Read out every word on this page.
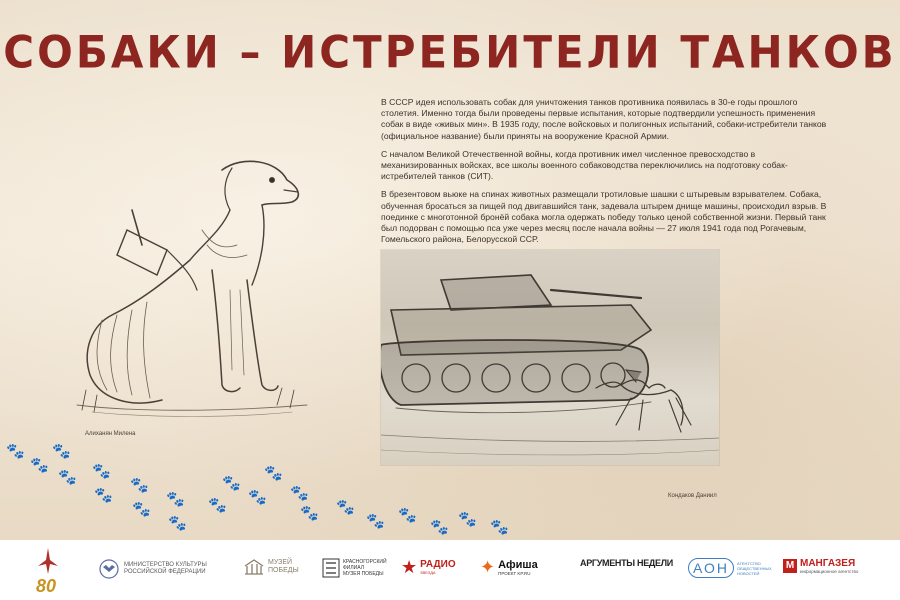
СОБАКИ – ИСТРЕБИТЕЛИ ТАНКОВ

В СССР идея использовать собак для уничтожения танков противника появилась в 30-е годы прошлого столетия. Именно тогда были проведены первые испытания, которые подтвердили успешность применения собак в виде «живых мин». В 1935 году, после войсковых и полигонных испытаний, собаки-истребители танков (официальное название) были приняты на вооружение Красной Армии.

С началом Великой Отечественной войны, когда противник имел численное превосходство в механизированных войсках, все школы военного собаководства переключились на подготовку собак-истребителей танков (СИТ).

В брезентовом вьюке на спинах животных размещали тротиловые шашки с штыревым взрывателем. Собака, обученная бросаться за пищей под двигавшийся танк, задевала штырем днище машины, происходил взрыв. В поединке с многотонной бронёй собака могла одержать победу только ценой собственной жизни. Первый танк был подорван с помощью пса уже через месяц после начала войны — 27 июля 1941 года под Рогачевым, Гомельского района, Белорусской ССР.

Алиханян Милена
Кондаков Даниил
🐾
🐾
🐾
🐾 🐾
🐾
🐾
🐾
🐾
🐾
🐾
🐾
🐾
🐾
🐾
🐾 🐾
🐾 🐾
🐾 🐾 🐾
80
МИНИСТЕРСТВО КУЛЬТУРЫ
РОССИЙСКОЙ ФЕДЕРАЦИИ
МУЗЕЙ
ПОБЕДЫ
КРАСНОГОРСКИЙ
ФИЛИАЛ
МУЗЕЯ ПОБЕДЫ ★ РАДИО
ЗВЕЗДА	✦ Афиша
ПРОЕКТ KP.RU
АРГУМЕНТЫ НЕДЕЛИ	АОН	АГЕНТСТВО
ОБЩЕСТВЕННЫХ
НОВОСТЕЙ
M МАНГАЗЕЯ
информационное агентство
